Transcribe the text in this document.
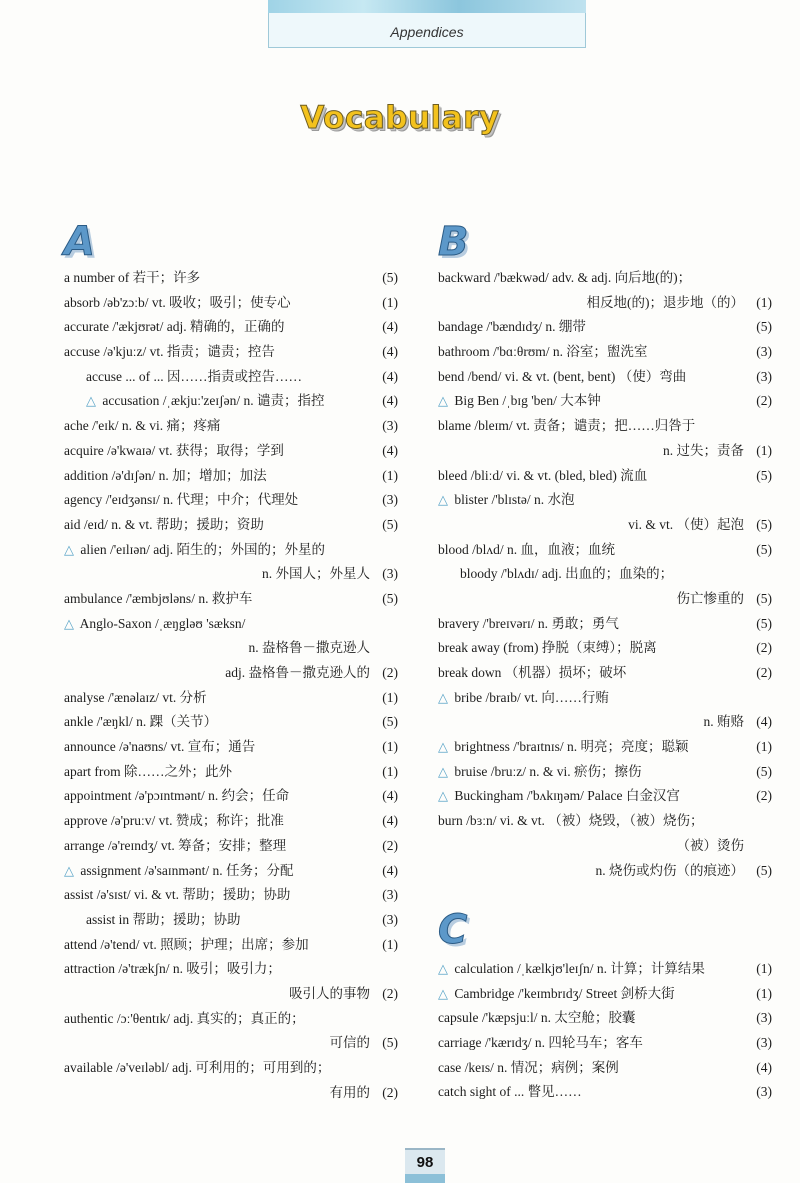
Appendices
Vocabulary
A	B
C
a number of 若干；许多	(5)
absorb /əb'zɔːb/ vt. 吸收；吸引；使专心	(1)
accurate /'ækjʊrət/ adj. 精确的，正确的	(4)
accuse /ə'kjuːz/ vt. 指责；谴责；控告	(4)
accuse ... of ... 因……指责或控告……	(4)
△ accusation /ˌækjuː'zeɪʃən/ n. 谴责；指控	(4)
ache /'eɪk/ n. & vi. 痛；疼痛	(3)
acquire /ə'kwaɪə/ vt. 获得；取得；学到	(4)
addition /ə'dɪʃən/ n. 加；增加；加法	(1)
agency /'eɪdʒənsɪ/ n. 代理；中介；代理处	(3)
aid /eɪd/ n. & vt. 帮助；援助；资助	(5)
△ alien /'eɪlɪən/ adj. 陌生的；外国的；外星的
n. 外国人；外星人 (3)
ambulance /'æmbjʊləns/ n. 救护车	(5)
△ Anglo-Saxon /ˌæŋgləʊ 'sæksn/
n. 盎格鲁－撒克逊人
adj. 盎格鲁－撒克逊人的 (2)
analyse /'ænəlaɪz/ vt. 分析	(1)
ankle /'æŋkl/ n. 踝（关节）	(5)
announce /ə'naʊns/ vt. 宣布；通告	(1)
apart from 除……之外；此外	(1)
appointment /ə'pɔɪntmənt/ n. 约会；任命	(4)
approve /ə'pruːv/ vt. 赞成；称许；批准	(4)
arrange /ə'reɪndʒ/ vt. 筹备；安排；整理	(2)
△ assignment /ə'saɪnmənt/ n. 任务；分配	(4)
assist /ə'sɪst/ vi. & vt. 帮助；援助；协助	(3)
assist in 帮助；援助；协助	(3)
attend /ə'tend/ vt. 照顾；护理；出席；参加	(1)
attraction /ə'trækʃn/ n. 吸引；吸引力；
吸引人的事物 (2)
authentic /ɔː'θentɪk/ adj. 真实的；真正的；
可信的 (5)
available /ə'veɪləbl/ adj. 可利用的；可用到的；
有用的 (2)
backward /'bækwəd/ adv. & adj. 向后地(的)；
相反地(的)；退步地（的） (1)
bandage /'bændɪdʒ/ n. 绷带	(5)
bathroom /'bɑːθrʊm/ n. 浴室；盥洗室	(3)
bend /bend/ vi. & vt. (bent, bent) （使）弯曲	(3)
△ Big Ben /ˌbɪg 'ben/ 大本钟	(2)
blame /bleɪm/ vt. 责备；谴责；把……归咎于
n. 过失；责备 (1)
bleed /bliːd/ vi. & vt. (bled, bled) 流血	(5)
△ blister /'blɪstə/ n. 水泡
vi. & vt. （使）起泡 (5)
blood /blʌd/ n. 血，血液；血统	(5)
bloody /'blʌdɪ/ adj. 出血的；血染的；
伤亡惨重的 (5)
bravery /'breɪvərɪ/ n. 勇敢；勇气	(5)
break away (from) 挣脱（束缚）；脱离	(2)
break down （机器）损坏；破坏	(2)
△ bribe /braɪb/ vt. 向……行贿
n. 贿赂 (4)
△ brightness /'braɪtnɪs/ n. 明亮；亮度；聪颖	(1)
△ bruise /bruːz/ n. & vi. 瘀伤；擦伤	(5)
△ Buckingham /'bʌkɪŋəm/ Palace 白金汉宫	(2)
burn /bɜːn/ vi. & vt. （被）烧毁，（被）烧伤；
（被）烫伤
n. 烧伤或灼伤（的痕迹） (5)
△ calculation /ˌkælkjʊ'leɪʃn/ n. 计算；计算结果	(1)
△ Cambridge /'keɪmbrɪdʒ/ Street 剑桥大街	(1)
capsule /'kæpsjuːl/ n. 太空舱；胶囊	(3)
carriage /'kærɪdʒ/ n. 四轮马车；客车	(3)
case /keɪs/ n. 情况；病例；案例	(4)
catch sight of ... 瞥见……	(3)
98
